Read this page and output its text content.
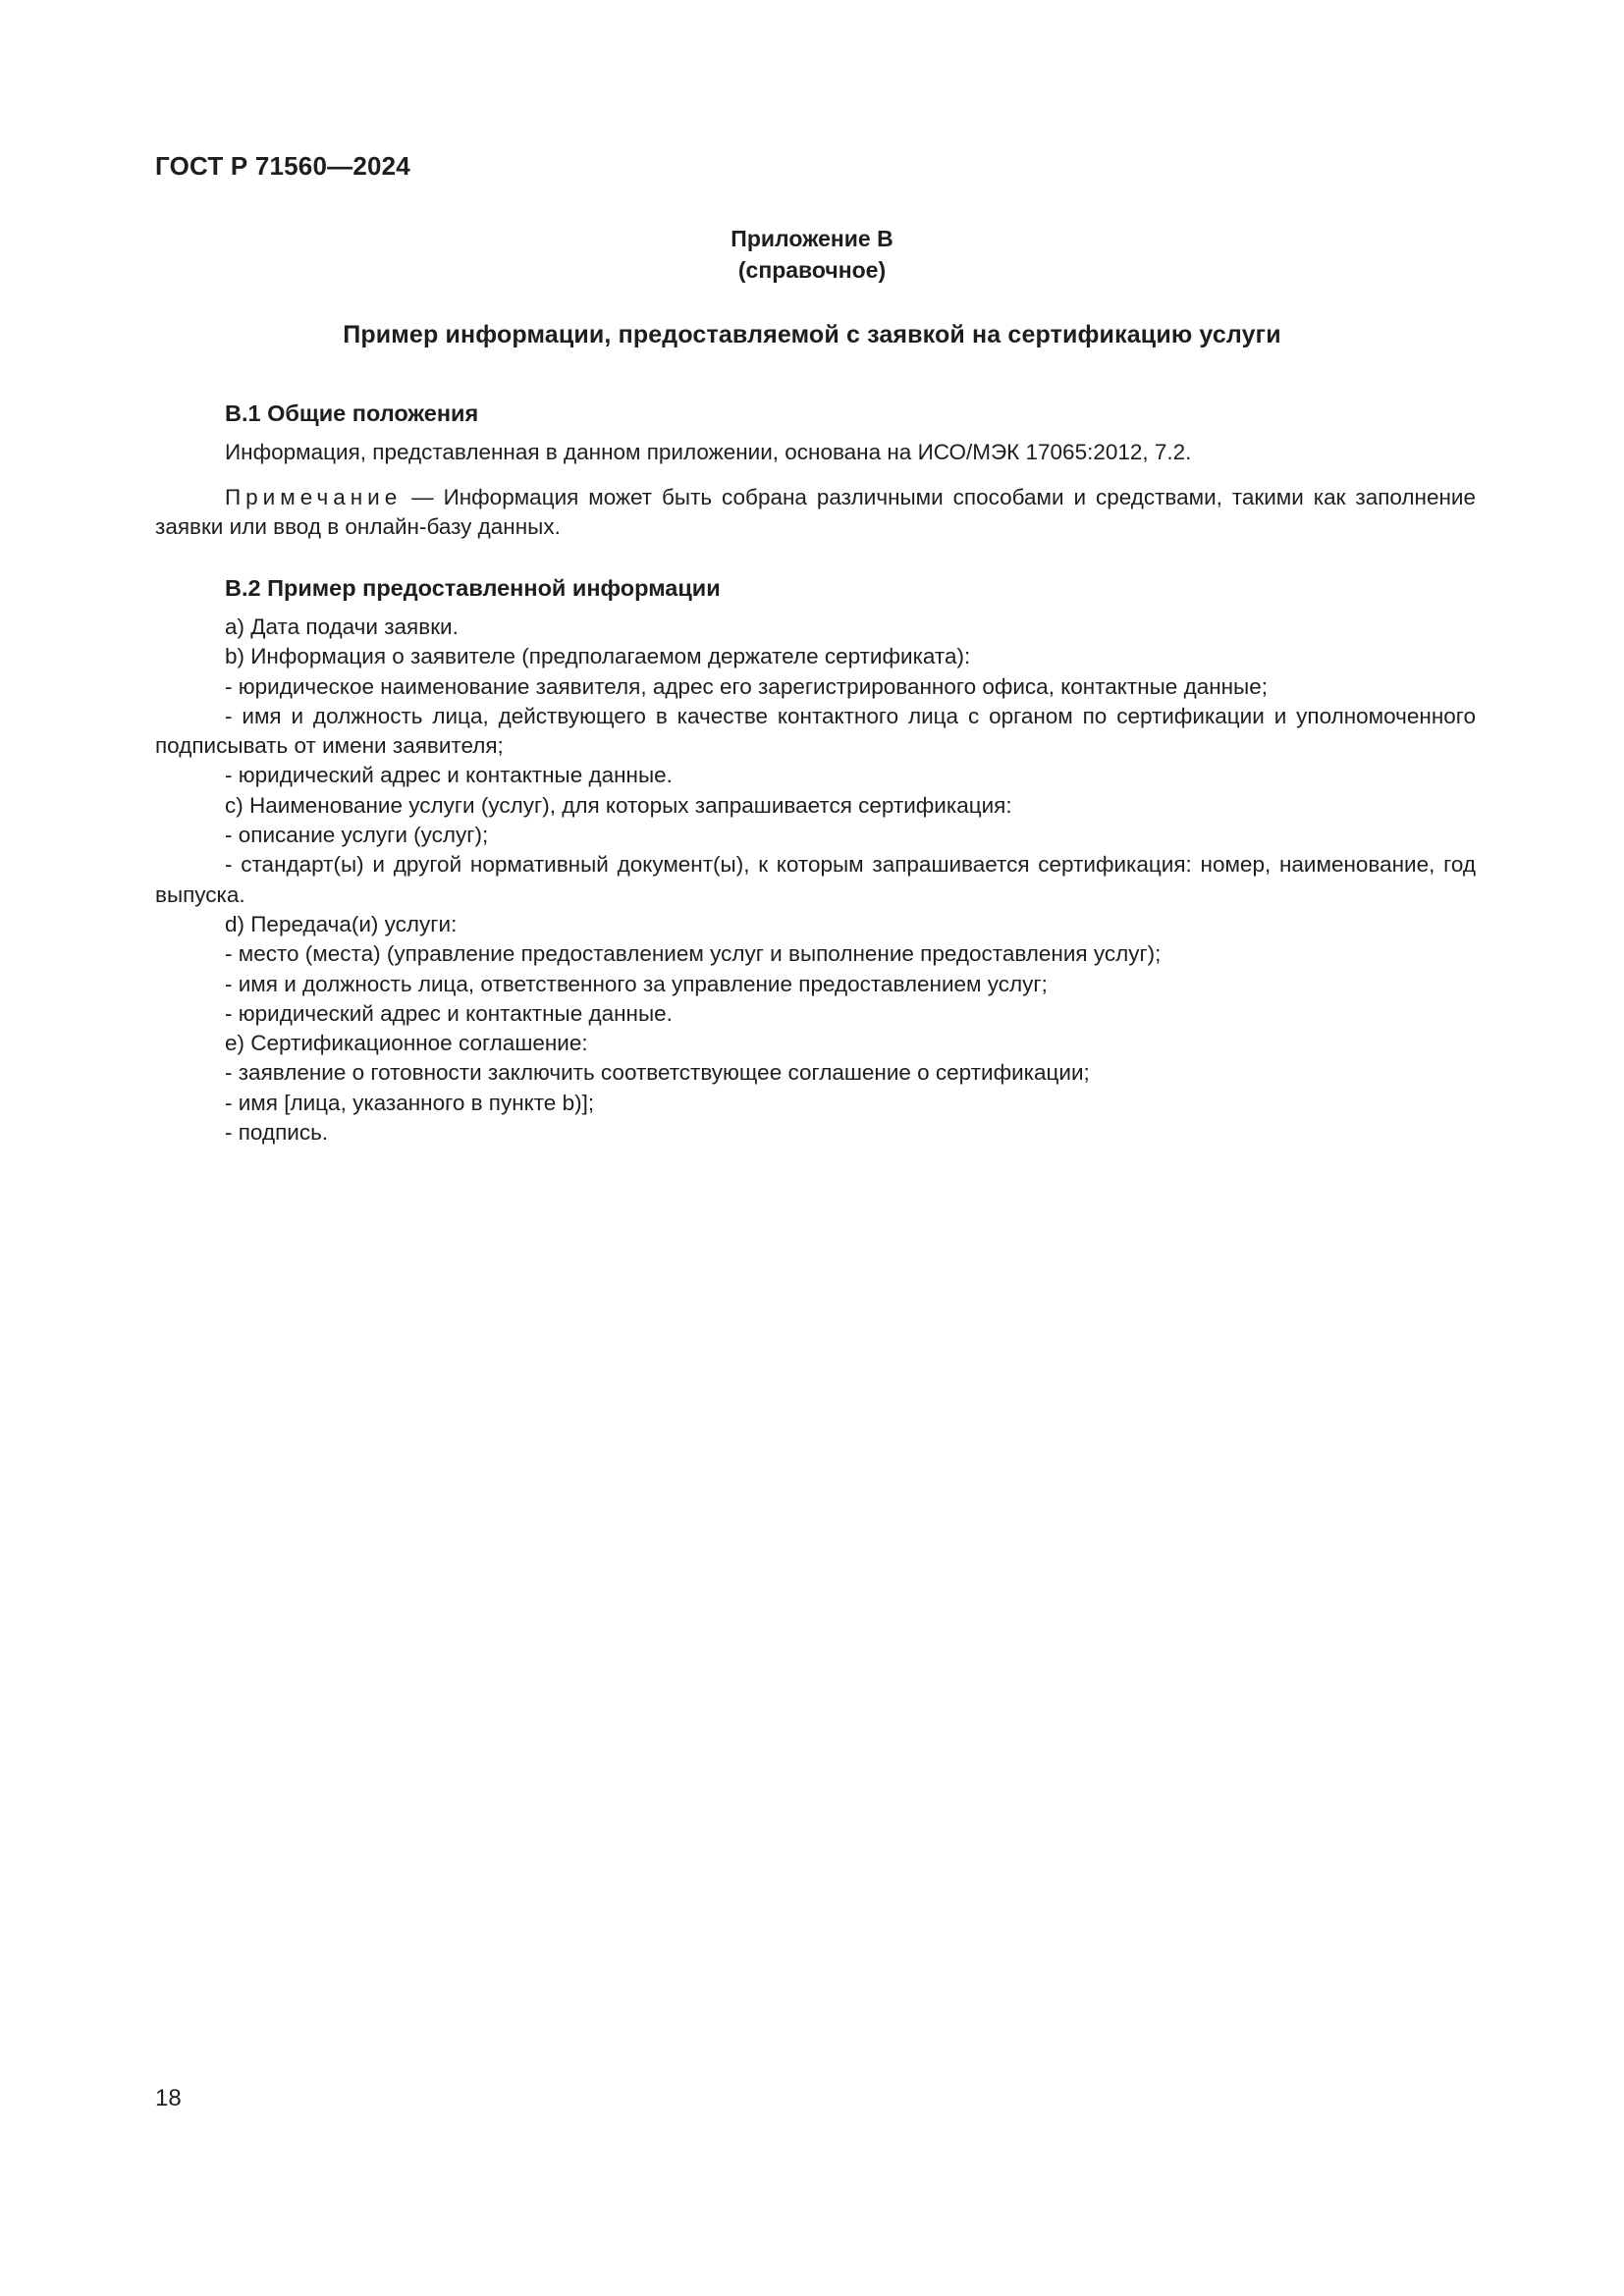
ГОСТ Р 71560—2024
Приложение В
(справочное)
Пример информации, предоставляемой с заявкой на сертификацию услуги
В.1 Общие положения
Информация, представленная в данном приложении, основана на ИСО/МЭК 17065:2012, 7.2.
Примечание — Информация может быть собрана различными способами и средствами, такими как заполнение заявки или ввод в онлайн-базу данных.
В.2 Пример предоставленной информации
a) Дата подачи заявки.
b) Информация о заявителе (предполагаемом держателе сертификата):
- юридическое наименование заявителя, адрес его зарегистрированного офиса, контактные данные;
- имя и должность лица, действующего в качестве контактного лица с органом по сертификации и уполномоченного подписывать от имени заявителя;
- юридический адрес и контактные данные.
c) Наименование услуги (услуг), для которых запрашивается сертификация:
- описание услуги (услуг);
- стандарт(ы) и другой нормативный документ(ы), к которым запрашивается сертификация: номер, наименование, год выпуска.
d) Передача(и) услуги:
- место (места) (управление предоставлением услуг и выполнение предоставления услуг);
- имя и должность лица, ответственного за управление предоставлением услуг;
- юридический адрес и контактные данные.
e) Сертификационное соглашение:
- заявление о готовности заключить соответствующее соглашение о сертификации;
- имя [лица, указанного в пункте b)];
- подпись.
18
